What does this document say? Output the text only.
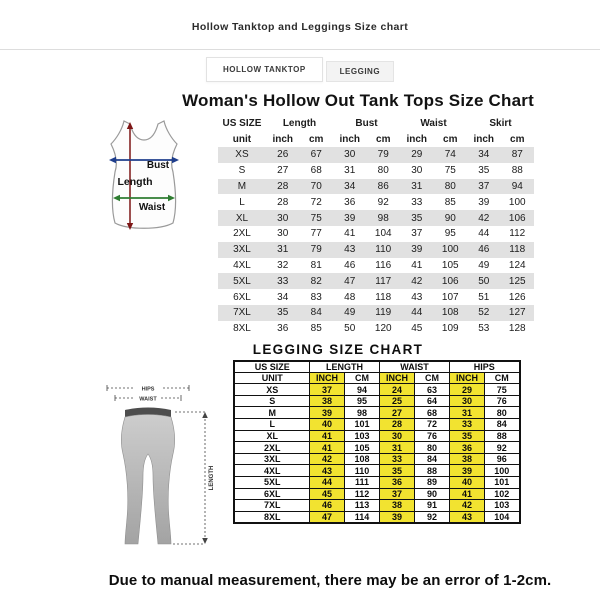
Hollow Tanktop and Leggings Size chart
HOLLOW TANKTOP	LEGGING
Woman's Hollow Out Tank Tops Size Chart
Bust
Length
Waist
US SIZE	Length		Bust		Waist		Skirt	
unit	inch	cm	inch	cm	inch	cm	inch	cm
XS	26	67	30	79	29	74	34	87
S	27	68	31	80	30	75	35	88
M	28	70	34	86	31	80	37	94
L	28	72	36	92	33	85	39	100
XL	30	75	39	98	35	90	42	106
2XL	30	77	41	104	37	95	44	112
3XL	31	79	43	110	39	100	46	118
4XL	32	81	46	116	41	105	49	124
5XL	33	82	47	117	42	106	50	125
6XL	34	83	48	118	43	107	51	126
7XL	35	84	49	119	44	108	52	127
8XL	36	85	50	120	45	109	53	128
LEGGING SIZE CHART
HIPS
WAIST
LENGTH
US SIZE	LENGTH		WAIST		HIPS	
UNIT	INCH	CM	INCH	CM	INCH	CM
XS	37	94	24	63	29	75
S	38	95	25	64	30	76
M	39	98	27	68	31	80
L	40	101	28	72	33	84
XL	41	103	30	76	35	88
2XL	41	105	31	80	36	92
3XL	42	108	33	84	38	96
4XL	43	110	35	88	39	100
5XL	44	111	36	89	40	101
6XL	45	112	37	90	41	102
7XL	46	113	38	91	42	103
8XL	47	114	39	92	43	104
Due to manual measurement, there may be an error of 1-2cm.
